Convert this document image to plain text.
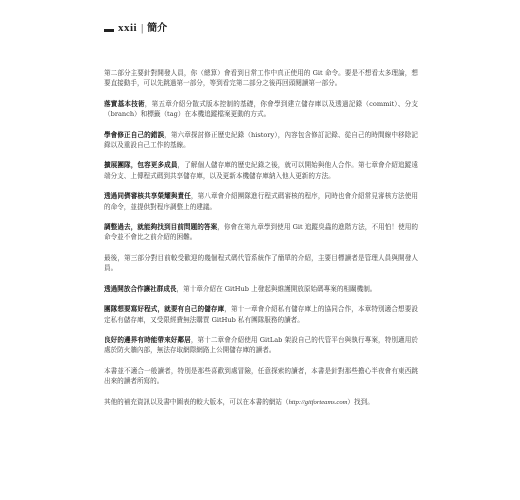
xxii | 簡介

第二部分主要針對開發人員，你（總算）會看到日常工作中真正使用的 Git 命令。要是不想看太多理論，想要直接動手，可以先跳過第一部分，等到看完第二部分之後再回頭閱讀第一部分。

落實基本技術，第五章介紹分散式版本控制的基礎，你會學到建立儲存庫以及透過記錄（commit）、分支（branch）和標籤（tag）在本機追蹤檔案更動的方式。

學會修正自己的錯誤，第六章探討修正歷史紀錄（history），內容包含修訂記錄、從自己的時間線中移除記錄以及重設自己工作的基線。

擴展團隊，包容更多成員，了解個人儲存庫的歷史紀錄之後，就可以開始與他人合作。第七章會介紹追蹤遠端分支、上傳程式碼到共享儲存庫，以及更新本機儲存庫納入他人更新的方法。

透過同儕審核共享榮耀與責任，第八章會介紹團隊進行程式碼審核的程序，同時也會介紹常見審核方法使用的命令，並提供對程序調整上的建議。

調整過去，就能夠找到目前問題的答案，你會在第九章學到使用 Git 追蹤臭蟲的進階方法，不用怕！使用的命令並不會比之前介紹的困難。

最後，第三部分對目前較受歡迎的幾個程式碼代管系統作了簡單的介紹，主要目標讀者是管理人員與開發人員。

透過開放合作讓社群成長，第十章介紹在 GitHub 上發起與維護開放原始碼專案的相關機制。

團隊想要寫好程式，就要有自己的儲存庫，第十一章會介紹私有儲存庫上的協同合作，本章特別適合想要設定私有儲存庫，又受限經費無法購買 GitHub 私有團隊服務的讀者。

良好的邊界有時能帶來好鄰居，第十二章會介紹使用 GitLab 架設自己的代管平台與執行專案，特別適用於處於防火牆內部，無法存取網際網路上公開儲存庫的讀者。

本書並不適合一般讀者，特別是那些喜歡到處冒險，任意探索的讀者，本書是針對那些擔心半夜會有東西跳出來的讀者所寫的。

其他的補充資訊以及書中圖表的較大版本，可以在本書的網站（http://gitforteams.com）找到。
